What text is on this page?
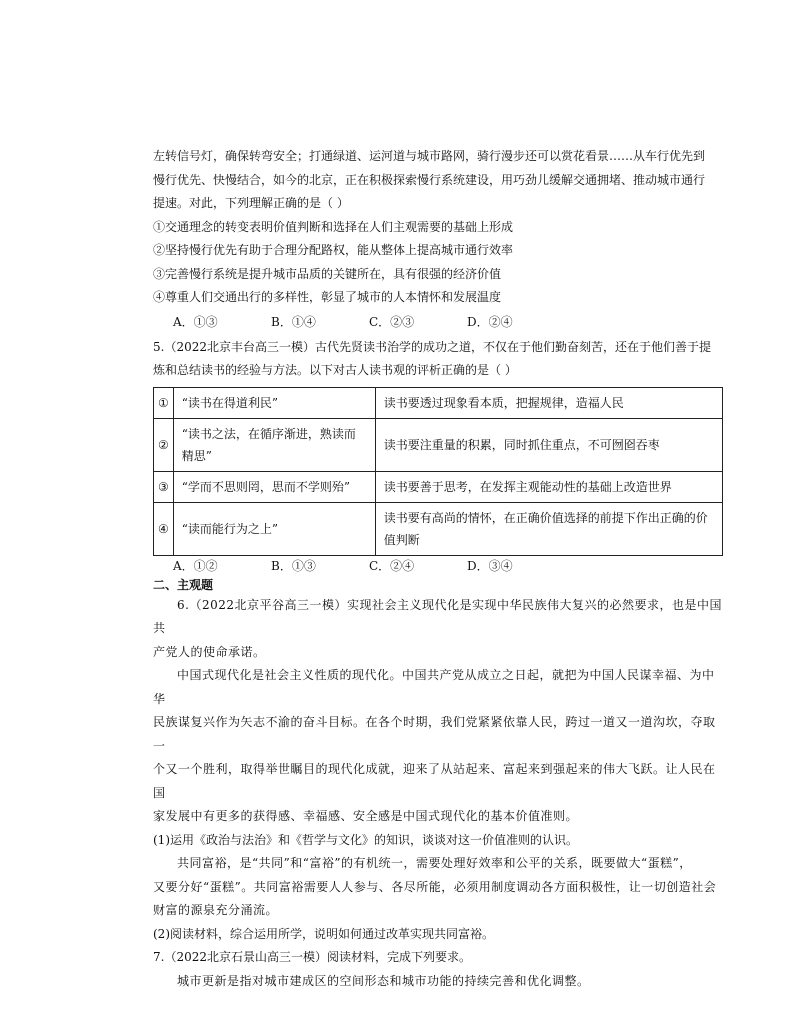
左转信号灯，确保转弯安全；打通绿道、运河道与城市路网，骑行漫步还可以赏花看景……从车行优先到

慢行优先、快慢结合，如今的北京，正在积极探索慢行系统建设，用巧劲儿缓解交通拥堵、推动城市通行

提速。对此，下列理解正确的是（ ）

①交通理念的转变表明价值判断和选择在人们主观需要的基础上形成

②坚持慢行优先有助于合理分配路权，能从整体上提高城市通行效率

③完善慢行系统是提升城市品质的关键所在，具有很强的经济价值

④尊重人们交通出行的多样性，彰显了城市的人本情怀和发展温度

A．①③	B．①④	C．②③	D．②④

5.（2022北京丰台高三一模）古代先贤读书治学的成功之道，不仅在于他们勤奋刻苦，还在于他们善于提

炼和总结读书的经验与方法。以下对古人读书观的评析正确的是（ ）

①	“读书在得道利民”	读书要透过现象看本质，把握规律，造福人民
②	“读书之法，在循序渐进，熟读而精思”	读书要注重量的积累，同时抓住重点，不可囫囵吞枣
③	“学而不思则罔，思而不学则殆”	读书要善于思考，在发挥主观能动性的基础上改造世界
④	“读而能行为之上”	读书要有高尚的情怀，在正确价值选择的前提下作出正确的价值判断
A．①②	B．①③	C．②④	D．③④

二、主观题

6.（2022北京平谷高三一模）实现社会主义现代化是实现中华民族伟大复兴的必然要求，也是中国共

产党人的使命承诺。

中国式现代化是社会主义性质的现代化。中国共产党从成立之日起，就把为中国人民谋幸福、为中华

民族谋复兴作为矢志不渝的奋斗目标。在各个时期，我们党紧紧依靠人民，跨过一道又一道沟坎，夺取一

个又一个胜利，取得举世瞩目的现代化成就，迎来了从站起来、富起来到强起来的伟大飞跃。让人民在国

家发展中有更多的获得感、幸福感、安全感是中国式现代化的基本价值准则。

(1)运用《政治与法治》和《哲学与文化》的知识，谈谈对这一价值准则的认识。

共同富裕，是“共同”和“富裕”的有机统一，需要处理好效率和公平的关系，既要做大“蛋糕”，

又要分好“蛋糕”。共同富裕需要人人参与、各尽所能，必须用制度调动各方面积极性，让一切创造社会

财富的源泉充分涌流。

(2)阅读材料，综合运用所学，说明如何通过改革实现共同富裕。

7.（2022北京石景山高三一模）阅读材料，完成下列要求。

城市更新是指对城市建成区的空间形态和城市功能的持续完善和优化调整。
